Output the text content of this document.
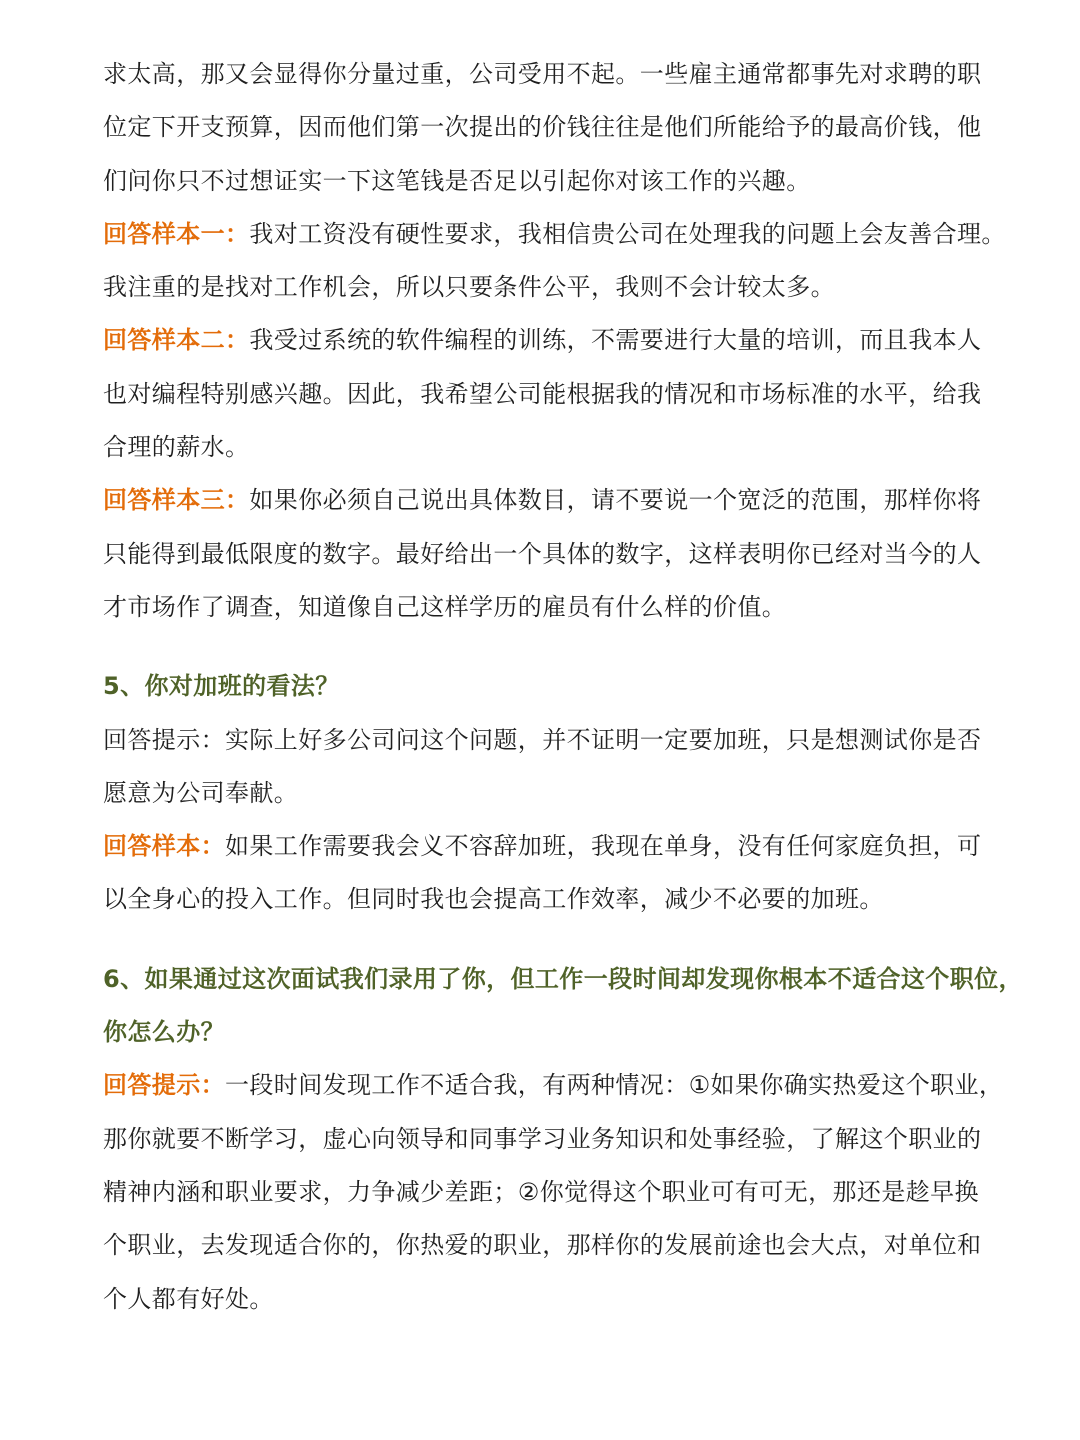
求太高，那又会显得你分量过重，公司受用不起。一些雇主通常都事先对求聘的职
位定下开支预算，因而他们第一次提出的价钱往往是他们所能给予的最高价钱，他
们问你只不过想证实一下这笔钱是否足以引起你对该工作的兴趣。
回答样本一：我对工资没有硬性要求，我相信贵公司在处理我的问题上会友善合理。
我注重的是找对工作机会，所以只要条件公平，我则不会计较太多。
回答样本二：我受过系统的软件编程的训练，不需要进行大量的培训，而且我本人
也对编程特别感兴趣。因此，我希望公司能根据我的情况和市场标准的水平，给我
合理的薪水。
回答样本三：如果你必须自己说出具体数目，请不要说一个宽泛的范围，那样你将
只能得到最低限度的数字。最好给出一个具体的数字，这样表明你已经对当今的人
才市场作了调查，知道像自己这样学历的雇员有什么样的价值。
5、你对加班的看法？
回答提示：实际上好多公司问这个问题，并不证明一定要加班，只是想测试你是否
愿意为公司奉献。
回答样本：如果工作需要我会义不容辞加班，我现在单身，没有任何家庭负担，可
以全身心的投入工作。但同时我也会提高工作效率，减少不必要的加班。
6、如果通过这次面试我们录用了你，但工作一段时间却发现你根本不适合这个职位，
你怎么办？
回答提示：一段时间发现工作不适合我，有两种情况：①如果你确实热爱这个职业，
那你就要不断学习，虚心向领导和同事学习业务知识和处事经验，了解这个职业的
精神内涵和职业要求，力争减少差距；②你觉得这个职业可有可无，那还是趁早换
个职业，去发现适合你的，你热爱的职业，那样你的发展前途也会大点，对单位和
个人都有好处。
